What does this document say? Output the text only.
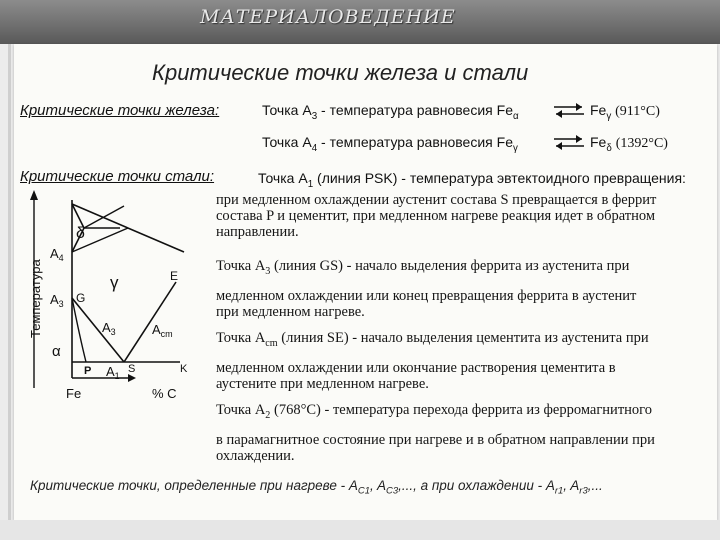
МАТЕРИАЛОВЕДЕНИЕ
Критические точки железа и стали
Критические точки железа:	Точка $А_3$ - температура равновесия $Fe_\alpha$ ⇌ $Fe_\gamma$ (911°C)
Точка $А_4$ - температура равновесия $Fe_\gamma$ ⇌ $Fe_\delta$ (1392°C)
Критические точки стали:	Точка $А_1$ (линия PSK) - температура эвтектоидного превращения:
при медленном охлаждении аустенит состава S превращается в феррит
состава P и цементит, при медленном нагреве реакция идет в обратном
направлении.
Точка $А_3$ (линия GS) - начало выделения феррита из аустенита при
медленном охлаждении или конец превращения феррита в аустенит
при медленном нагреве.
Точка $А_{cm}$ (линия SE) - начало выделения цементита из аустенита при
медленном охлаждении или окончание растворения цементита в
аустените при медленном нагреве.
Точка $А_2$ (768°C) - температура перехода феррита из ферромагнитного
в парамагнитное состояние при нагреве и в обратном направлении при
охлаждении.
Температура
δ
$A_4$
$A_3$ G
γ	E
$A_3$	$A_{cm}$
α
P $A_1$
S	K
Fe	% С
Критические точки, определенные при нагреве - $A_{C1}$, $A_{C3}$,..., а при охлаждении - $A_{r1}$, $A_{r3}$,...
